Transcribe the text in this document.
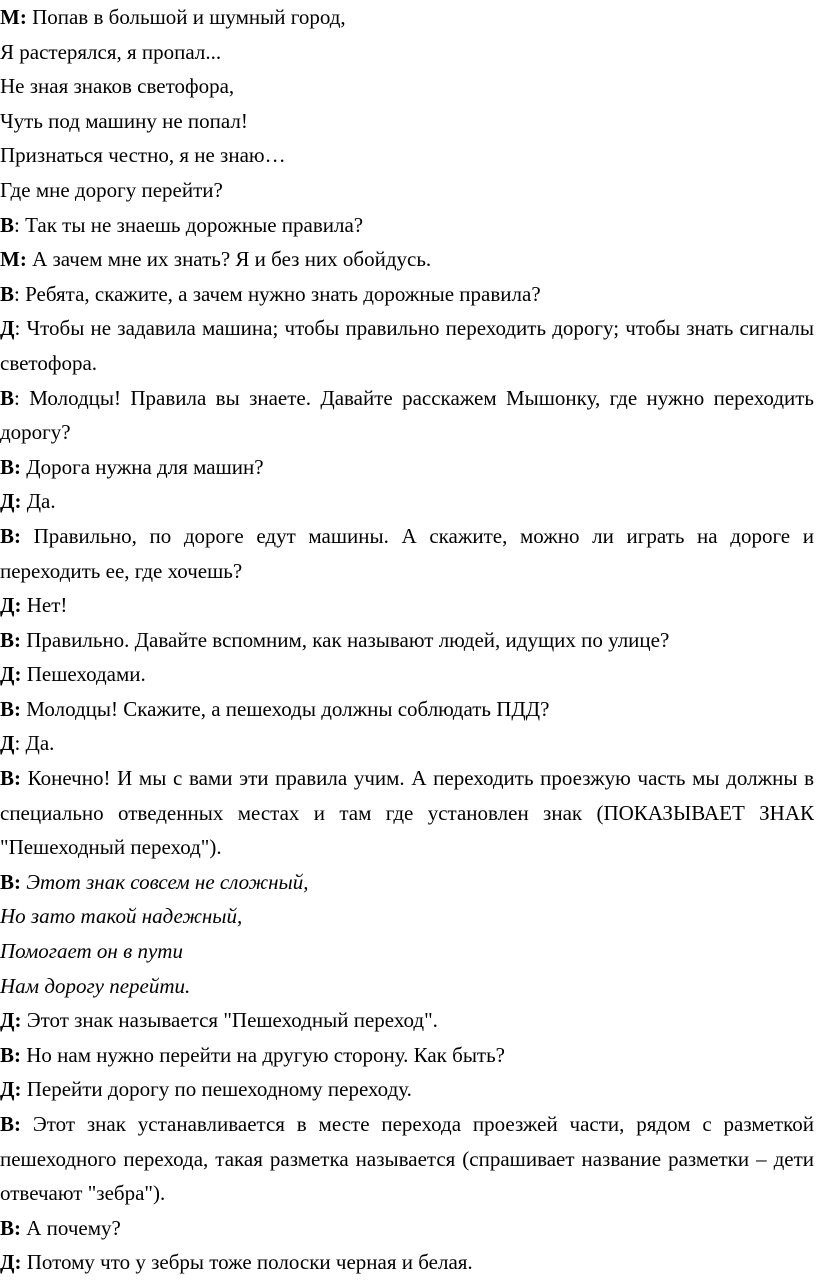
М: Попав в большой и шумный город,

Я растерялся, я пропал...

Не зная знаков светофора,

Чуть под машину не попал!

Признаться честно, я не знаю…

Где мне дорогу перейти?

В: Так ты не знаешь дорожные правила?

М: А зачем мне их знать? Я и без них обойдусь.

В: Ребята, скажите, а зачем нужно знать дорожные правила?

Д: Чтобы не задавила машина; чтобы правильно переходить дорогу; чтобы знать сигналы светофора.

В: Молодцы! Правила вы знаете. Давайте расскажем Мышонку, где нужно переходить дорогу?

В: Дорога нужна для машин?

Д: Да.

В: Правильно, по дороге едут машины. А скажите, можно ли играть на дороге и переходить ее, где хочешь?

Д: Нет!

В: Правильно. Давайте вспомним, как называют людей, идущих по улице?

Д: Пешеходами.

В: Молодцы! Скажите, а пешеходы должны соблюдать ПДД?

Д: Да.

В: Конечно! И мы с вами эти правила учим. А переходить проезжую часть мы должны в специально отведенных местах и там где установлен знак (ПОКАЗЫВАЕТ ЗНАК "Пешеходный переход").

В: Этот знак совсем не сложный,

Но зато такой надежный,

Помогает он в пути

Нам дорогу перейти.

Д: Этот знак называется "Пешеходный переход".

В: Но нам нужно перейти на другую сторону. Как быть?

Д: Перейти дорогу по пешеходному переходу.

В: Этот знак устанавливается в месте перехода проезжей части, рядом с разметкой пешеходного перехода, такая разметка называется (спрашивает название разметки – дети отвечают "зебра").

В: А почему?

Д: Потому что у зебры тоже полоски черная и белая.
